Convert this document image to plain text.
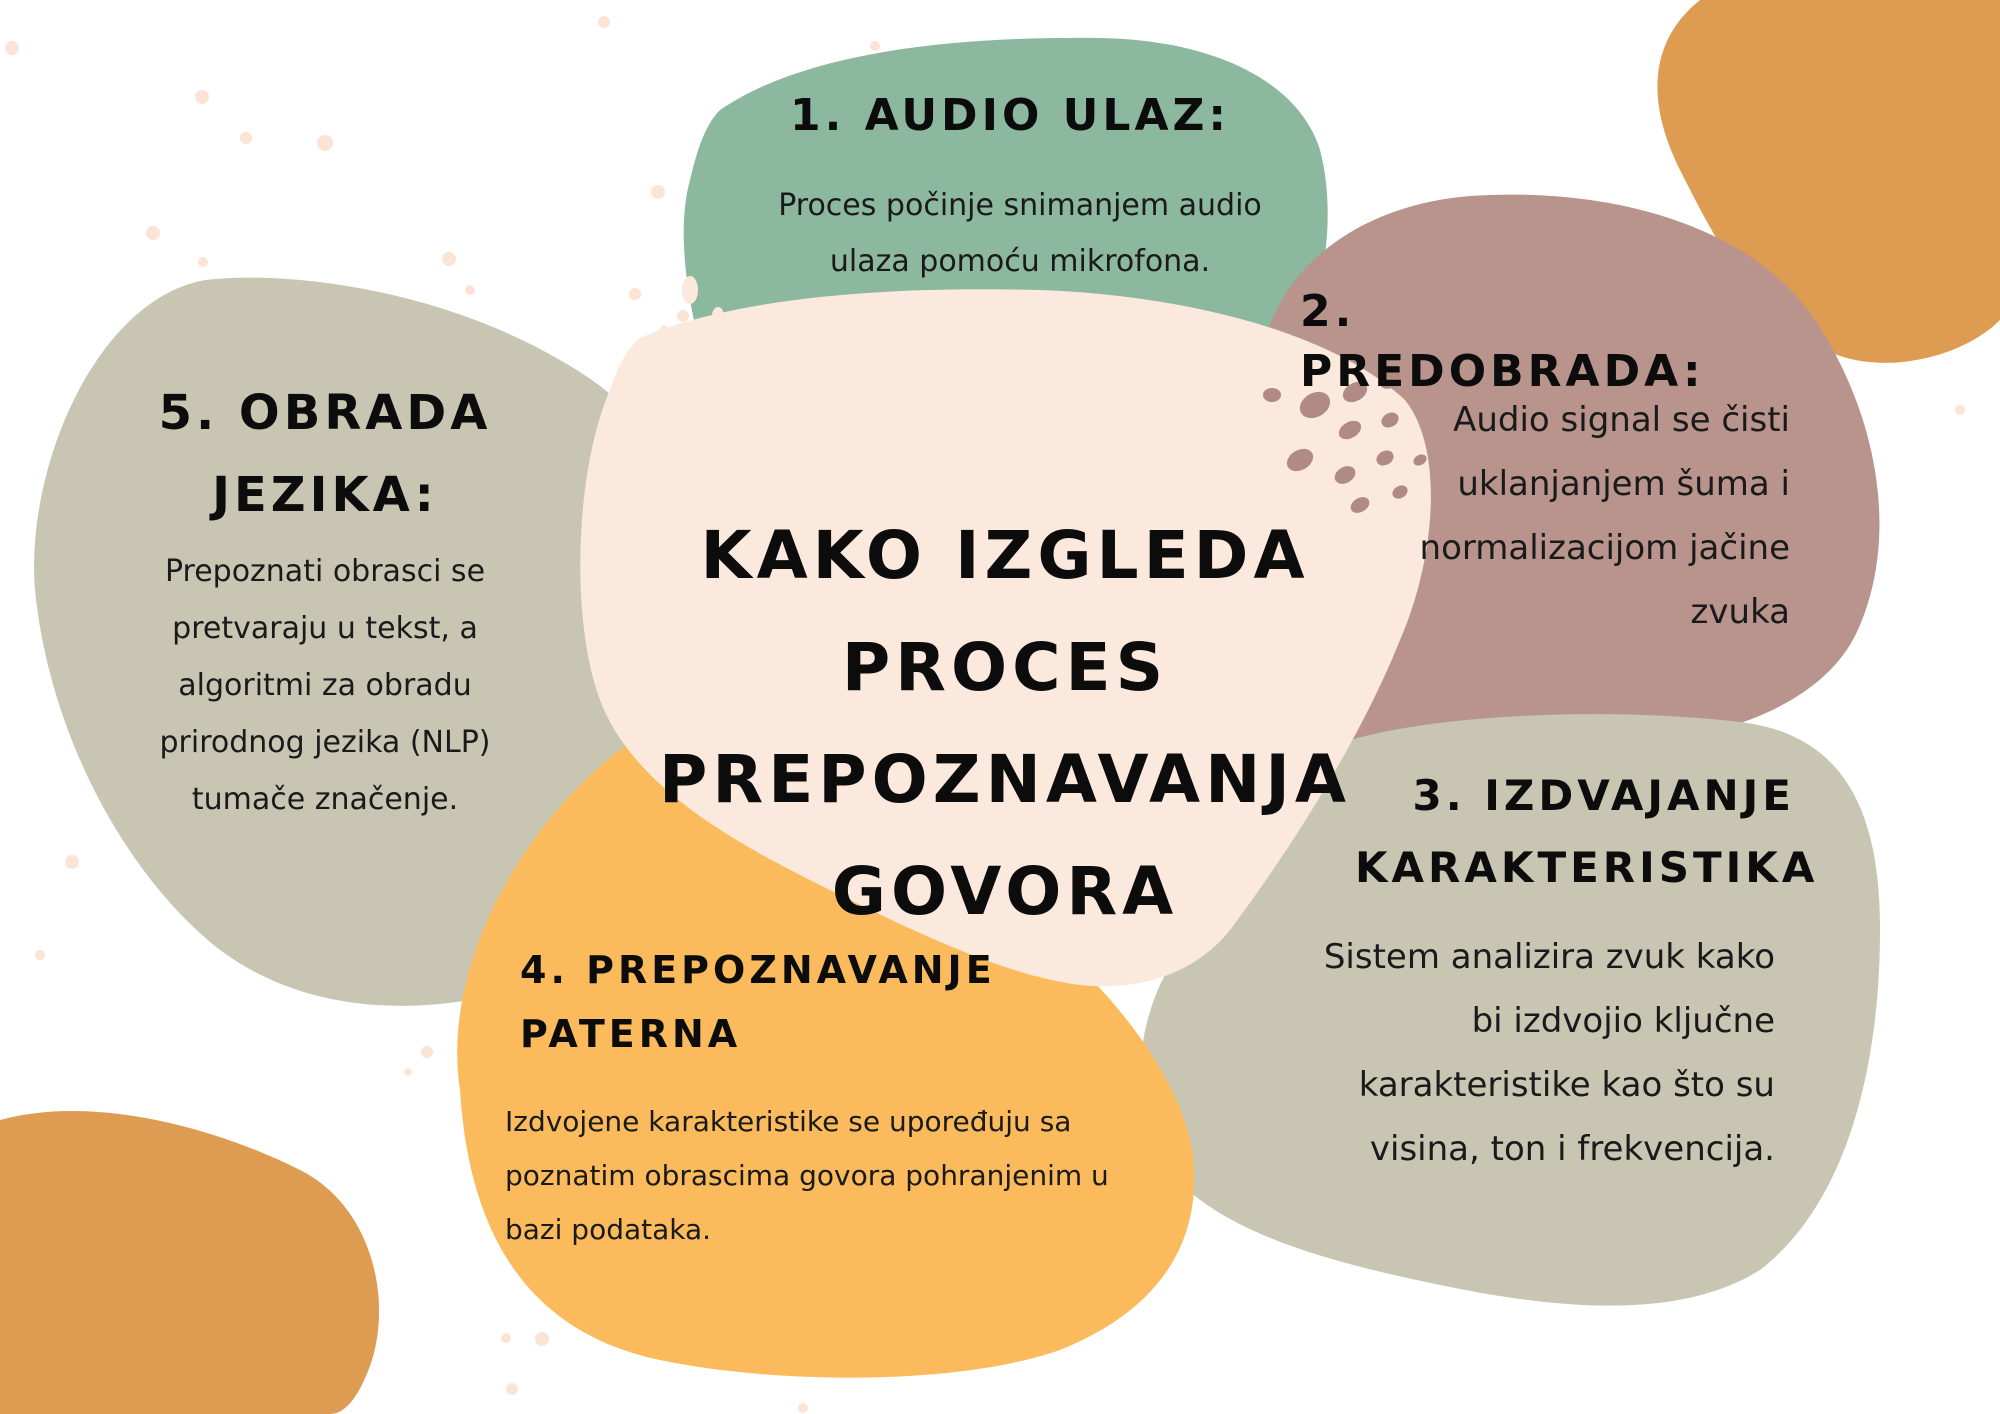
KAKO IZGLEDA PROCES PREPOZNAVANJA GOVORA

1. AUDIO ULAZ:

Proces počinje snimanjem audio ulaza pomoću mikrofona.

2. PREDOBRADA:

Audio signal se čisti uklanjanjem šuma i normalizacijom jačine zvuka

3. IZDVAJANJE KARAKTERISTIKA

Sistem analizira zvuk kako bi izdvojio ključne karakteristike kao što su visina, ton i frekvencija.

4. PREPOZNAVANJE PATERNA

Izdvojene karakteristike se upoređuju sa poznatim obrascima govora pohranjenim u bazi podataka.

5. OBRADA JEZIKA:

Prepoznati obrasci se pretvaraju u tekst, a algoritmi za obradu prirodnog jezika (NLP) tumače značenje.
